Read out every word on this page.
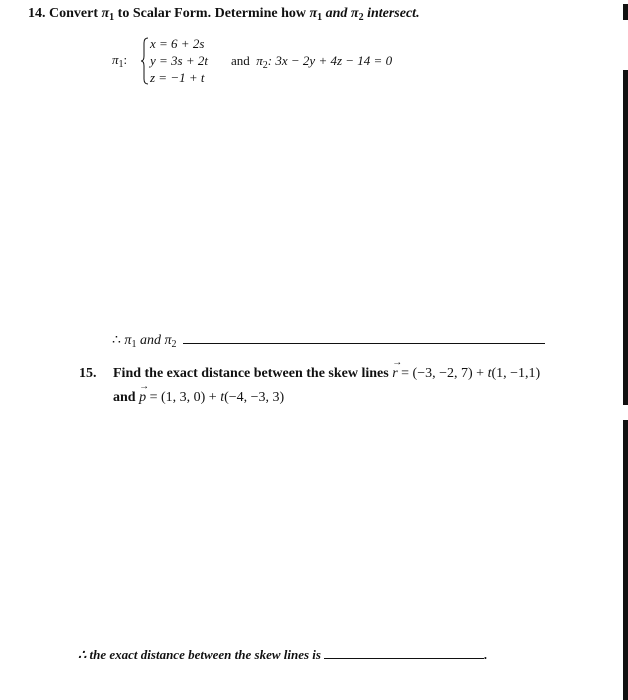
14. Convert $\pi_1$ to Scalar Form. Determine how $\pi_1$ and $\pi_2$ intersect.
$\pi_1$:
x = 6 + 2s
y = 3s + 2t
z = −1 + t
and $\pi_2$: 3x − 2y + 4z − 14 = 0
∴ $\pi_1$ and $\pi_2$
15. Find the exact distance between the skew lines → r = (−3, −2, 7) + t(1, −1,1)
and → p = (1, 3, 0) + t(−4, −3, 3)
∴ the exact distance between the skew lines is	.
